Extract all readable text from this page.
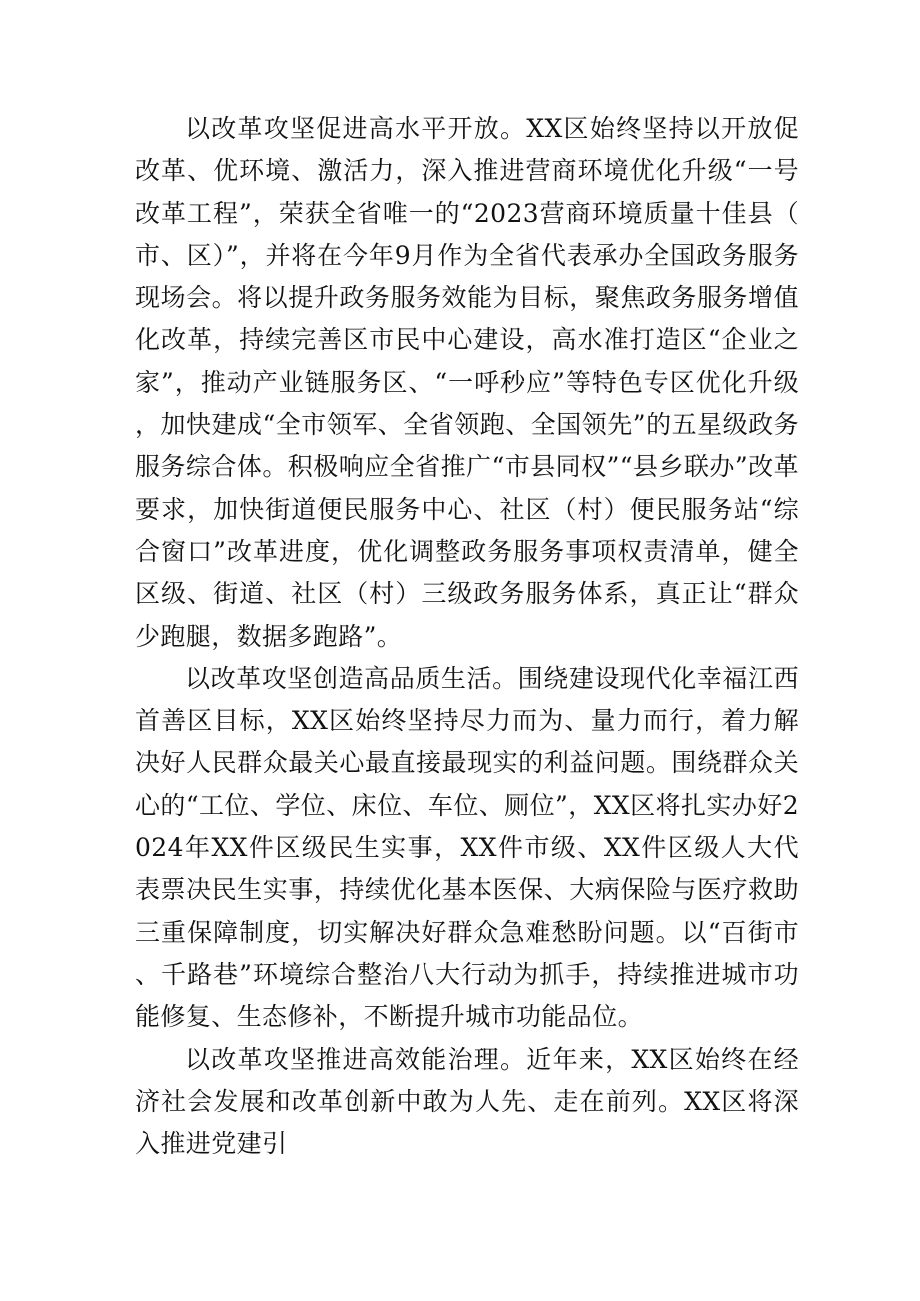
以改革攻坚促进高水平开放。XX区始终坚持以开放促改革、优环境、激活力，深入推进营商环境优化升级“一号改革工程”，荣获全省唯一的“2023营商环境质量十佳县（市、区）”，并将在今年9月作为全省代表承办全国政务服务现场会。将以提升政务服务效能为目标，聚焦政务服务增值化改革，持续完善区市民中心建设，高水准打造区“企业之家”，推动产业链服务区、“一呼秒应”等特色专区优化升级，加快建成“全市领军、全省领跑、全国领先”的五星级政务服务综合体。积极响应全省推广“市县同权”“县乡联办”改革要求，加快街道便民服务中心、社区（村）便民服务站“综合窗口”改革进度，优化调整政务服务事项权责清单，健全区级、街道、社区（村）三级政务服务体系，真正让“群众少跑腿，数据多跑路”。

以改革攻坚创造高品质生活。围绕建设现代化幸福江西首善区目标，XX区始终坚持尽力而为、量力而行，着力解决好人民群众最关心最直接最现实的利益问题。围绕群众关心的“工位、学位、床位、车位、厕位”，XX区将扎实办好2024年XX件区级民生实事，XX件市级、XX件区级人大代表票决民生实事，持续优化基本医保、大病保险与医疗救助三重保障制度，切实解决好群众急难愁盼问题。以“百街市、千路巷”环境综合整治八大行动为抓手，持续推进城市功能修复、生态修补，不断提升城市功能品位。

以改革攻坚推进高效能治理。近年来，XX区始终在经济社会发展和改革创新中敢为人先、走在前列。XX区将深入推进党建引
